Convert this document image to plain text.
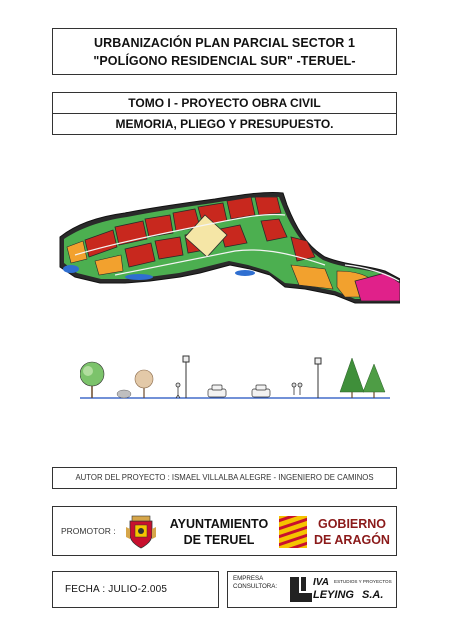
URBANIZACIÓN PLAN PARCIAL SECTOR 1
"POLÍGONO RESIDENCIAL SUR" -TERUEL-
TOMO I - PROYECTO OBRA CIVIL
MEMORIA, PLIEGO Y PRESUPUESTO.
AUTOR DEL PROYECTO : ISMAEL VILLALBA ALEGRE - INGENIERO DE CAMINOS
PROMOTOR :	AYUNTAMIENTO
DE TERUEL
GOBIERNO
DE ARAGÓN
FECHA : JULIO-2.005
EMPRESA
CONSULTORA:	IVA ESTUDIOS Y PROYECTOS
LEYING S.A.
